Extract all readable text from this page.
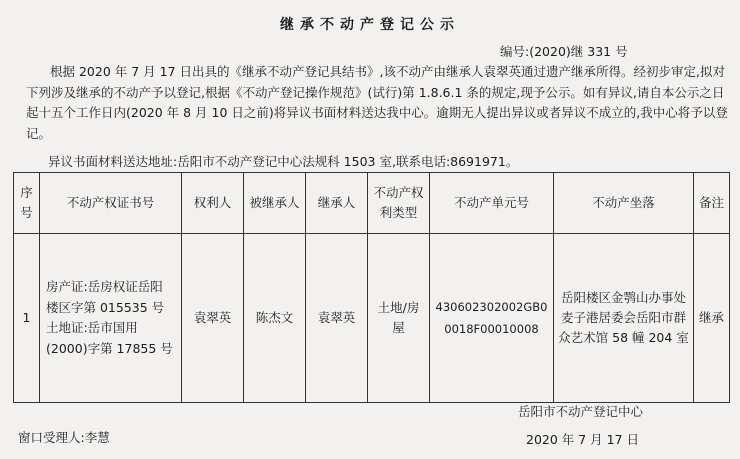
继承不动产登记公示
编号:(2020)继 331 号

根据 2020 年 7 月 17 日出具的《继承不动产登记具结书》,该不动产由继承人袁翠英通过遗产继承所得。经初步审定,拟对下列涉及继承的不动产予以登记,根据《不动产登记操作规范》(试行)第 1.8.6.1 条的规定,现予公示。如有异议,请自本公示之日起十五个工作日内(2020 年 8 月 10 日之前)将异议书面材料送达我中心。逾期无人提出异议或者异议不成立的,我中心将予以登记。

异议书面材料送达地址:岳阳市不动产登记中心法规科 1503 室,联系电话:8691971。
序号	不动产权证书号	权利人	被继承人	继承人	不动产权利类型	不动产单元号	不动产坐落	备注
1	房产证:岳房权证岳阳楼区字第 015535 号
土地证:岳市国用(2000)字第 17855 号	袁翠英	陈杰文	袁翠英	土地/房屋	430602302002GB00018F00010008	岳阳楼区金鹗山办事处麦子港居委会岳阳市群众艺术馆 58 幢 204 室	继承
岳阳市不动产登记中心
窗口受理人:李慧	2020 年 7 月 17 日
